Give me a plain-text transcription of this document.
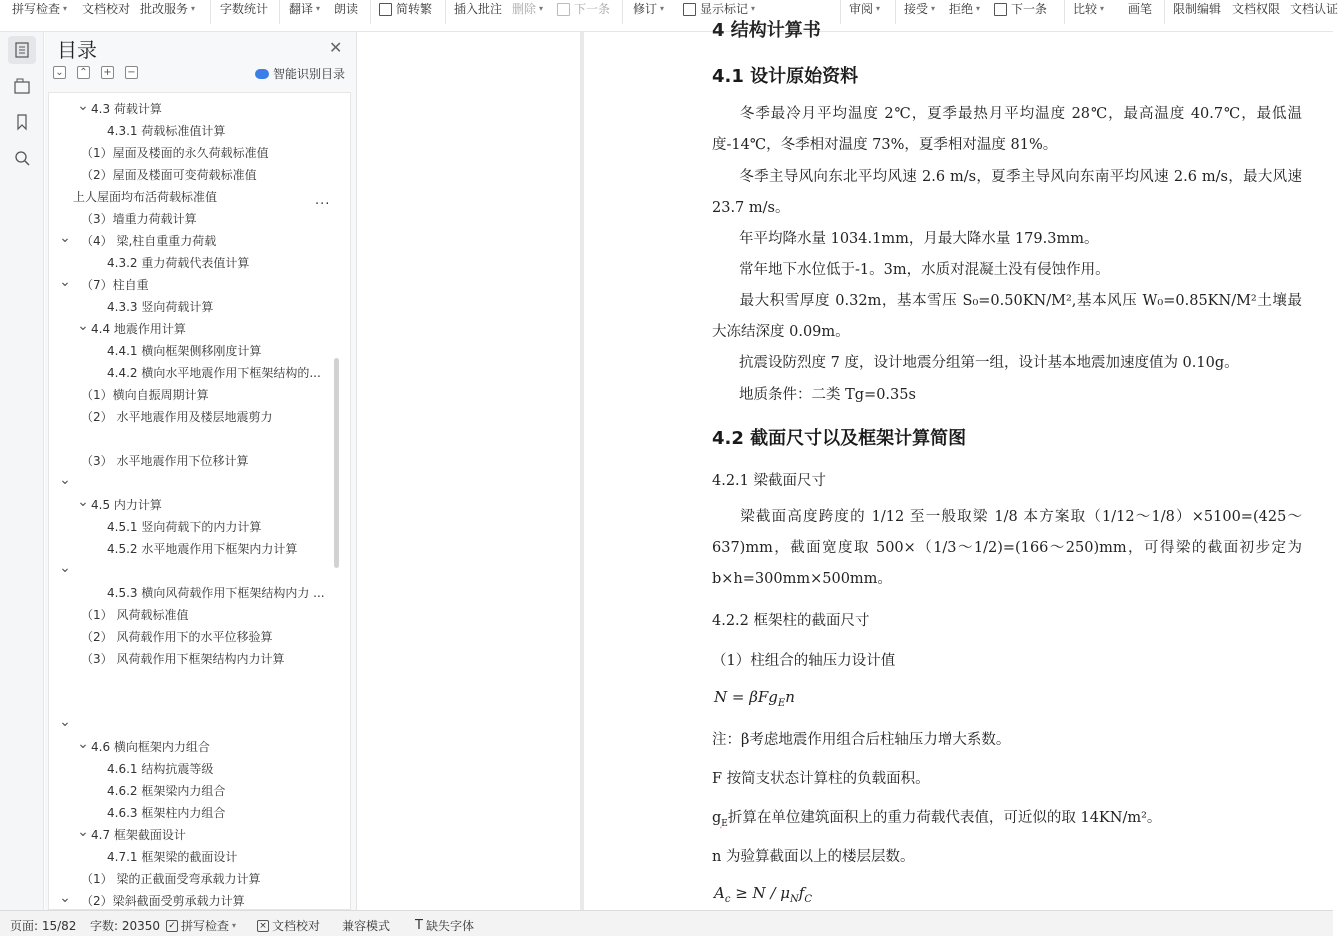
拼写检查 ▾ 文档校对 批改服务 ▾ 字数统计 翻译 ▾ 朗读	简转繁 插入批注 删除 ▾	下一条 修订 ▾	显示标记 ▾	审阅 ▾ 接受 ▾ 拒绝 ▾	下一条 比较 ▾ 画笔 限制编辑 文档权限 文档认证
目录	✕
⌄ ⌃ + −	智能识别目录
...
⌄ 4.3 荷载计算
4.3.1 荷载标准值计算
（1）屋面及楼面的永久荷载标准值
（2）屋面及楼面可变荷载标准值
上人屋面均布活荷载标准值
（3）墙重力荷载计算
⌄ （4） 梁,柱自重重力荷载
4.3.2 重力荷载代表值计算
⌄ （7）柱自重
4.3.3 竖向荷载计算
⌄ 4.4 地震作用计算
4.4.1 横向框架侧移刚度计算
4.4.2 横向水平地震作用下框架结构的...
（1）横向自振周期计算
（2） 水平地震作用及楼层地震剪力
（3） 水平地震作用下位移计算
⌄
⌄ 4.5 内力计算
4.5.1 竖向荷载下的内力计算
4.5.2 水平地震作用下框架内力计算
⌄
4.5.3 横向风荷载作用下框架结构内力 ...
（1） 风荷载标准值
（2） 风荷载作用下的水平位移验算
（3） 风荷载作用下框架结构内力计算
⌄
⌄ 4.6 横向框架内力组合
4.6.1 结构抗震等级
4.6.2 框架梁内力组合
4.6.3 框架柱内力组合
⌄ 4.7 框架截面设计
4.7.1 框架梁的截面设计
（1） 梁的正截面受弯承载力计算
⌄ （2）梁斜截面受剪承载力计算
4 结构计算书
4.1 设计原始资料
冬季最冷月平均温度 2℃，夏季最热月平均温度 28℃，最高温度 40.7℃，最低温度-14℃，冬季相对温度 73%，夏季相对温度 81%。
冬季主导风向东北平均风速 2.6 m/s，夏季主导风向东南平均风速 2.6 m/s，最大风速 23.7 m/s。
年平均降水量 1034.1mm，月最大降水量 179.3mm。
常年地下水位低于-1。3m，水质对混凝土没有侵蚀作用。
最大积雪厚度 0.32m，基本雪压 S₀=0.50KN/M²,基本风压 W₀=0.85KN/M²土壤最大冻结深度 0.09m。
抗震设防烈度 7 度，设计地震分组第一组，设计基本地震加速度值为 0.10g。
地质条件：二类 Tg=0.35s
4.2 截面尺寸以及框架计算简图
4.2.1 梁截面尺寸
梁截面高度跨度的 1/12 至一般取梁 1/8 本方案取（1/12～1/8）×5100=(425～637)mm，截面宽度取 500×（1/3～1/2)=(166～250)mm，可得梁的截面初步定为 b×h=300mm×500mm。
4.2.2 框架柱的截面尺寸
（1）柱组合的轴压力设计值
N = βFg$_E$n
注：β考虑地震作用组合后柱轴压力增大系数。
F 按简支状态计算柱的负载面积。
$g_E$折算在单位建筑面积上的重力荷载代表值，可近似的取 14KN/m²。
n 为验算截面以上的楼层层数。
$A_c \ge N / \mu_Nf_C$
页面: 15/82 字数: 20350 ✓ 拼写检查 ▾	× 文档校对 兼容模式 T 缺失字体
